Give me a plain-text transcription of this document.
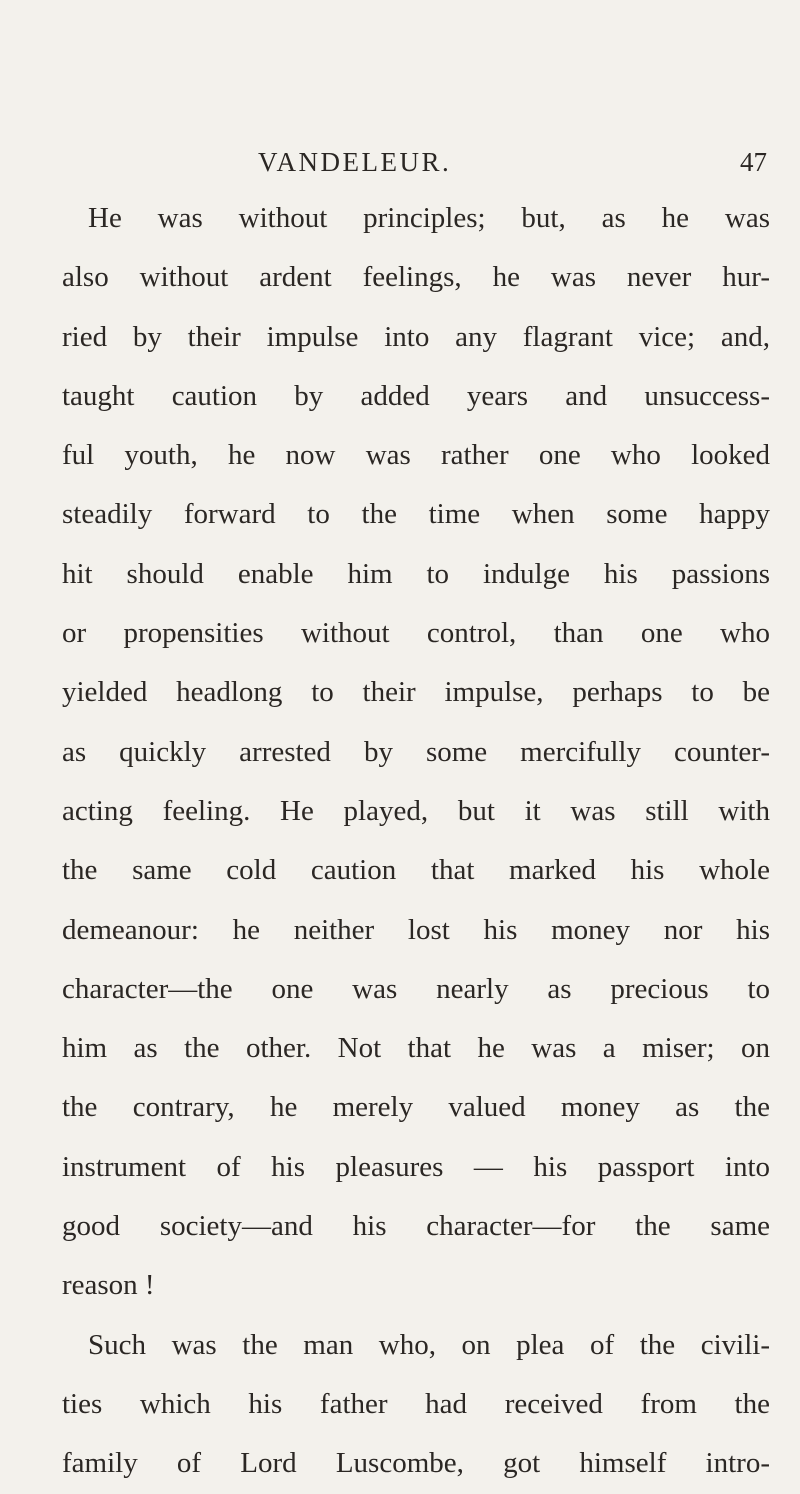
VANDELEUR.	47
He was without principles; but, as he was
also without ardent feelings, he was never hur-
ried by their impulse into any flagrant vice; and,
taught caution by added years and unsuccess-
ful youth, he now was rather one who looked
steadily forward to the time when some happy
hit should enable him to indulge his passions
or propensities without control, than one who
yielded headlong to their impulse, perhaps to be
as quickly arrested by some mercifully counter-
acting feeling. He played, but it was still with
the same cold caution that marked his whole
demeanour: he neither lost his money nor his
character—the one was nearly as precious to
him as the other. Not that he was a miser; on
the contrary, he merely valued money as the
instrument of his pleasures — his passport into
good society—and his character—for the same
reason !
Such was the man who, on plea of the civili-
ties which his father had received from the
family of Lord Luscombe, got himself intro-
